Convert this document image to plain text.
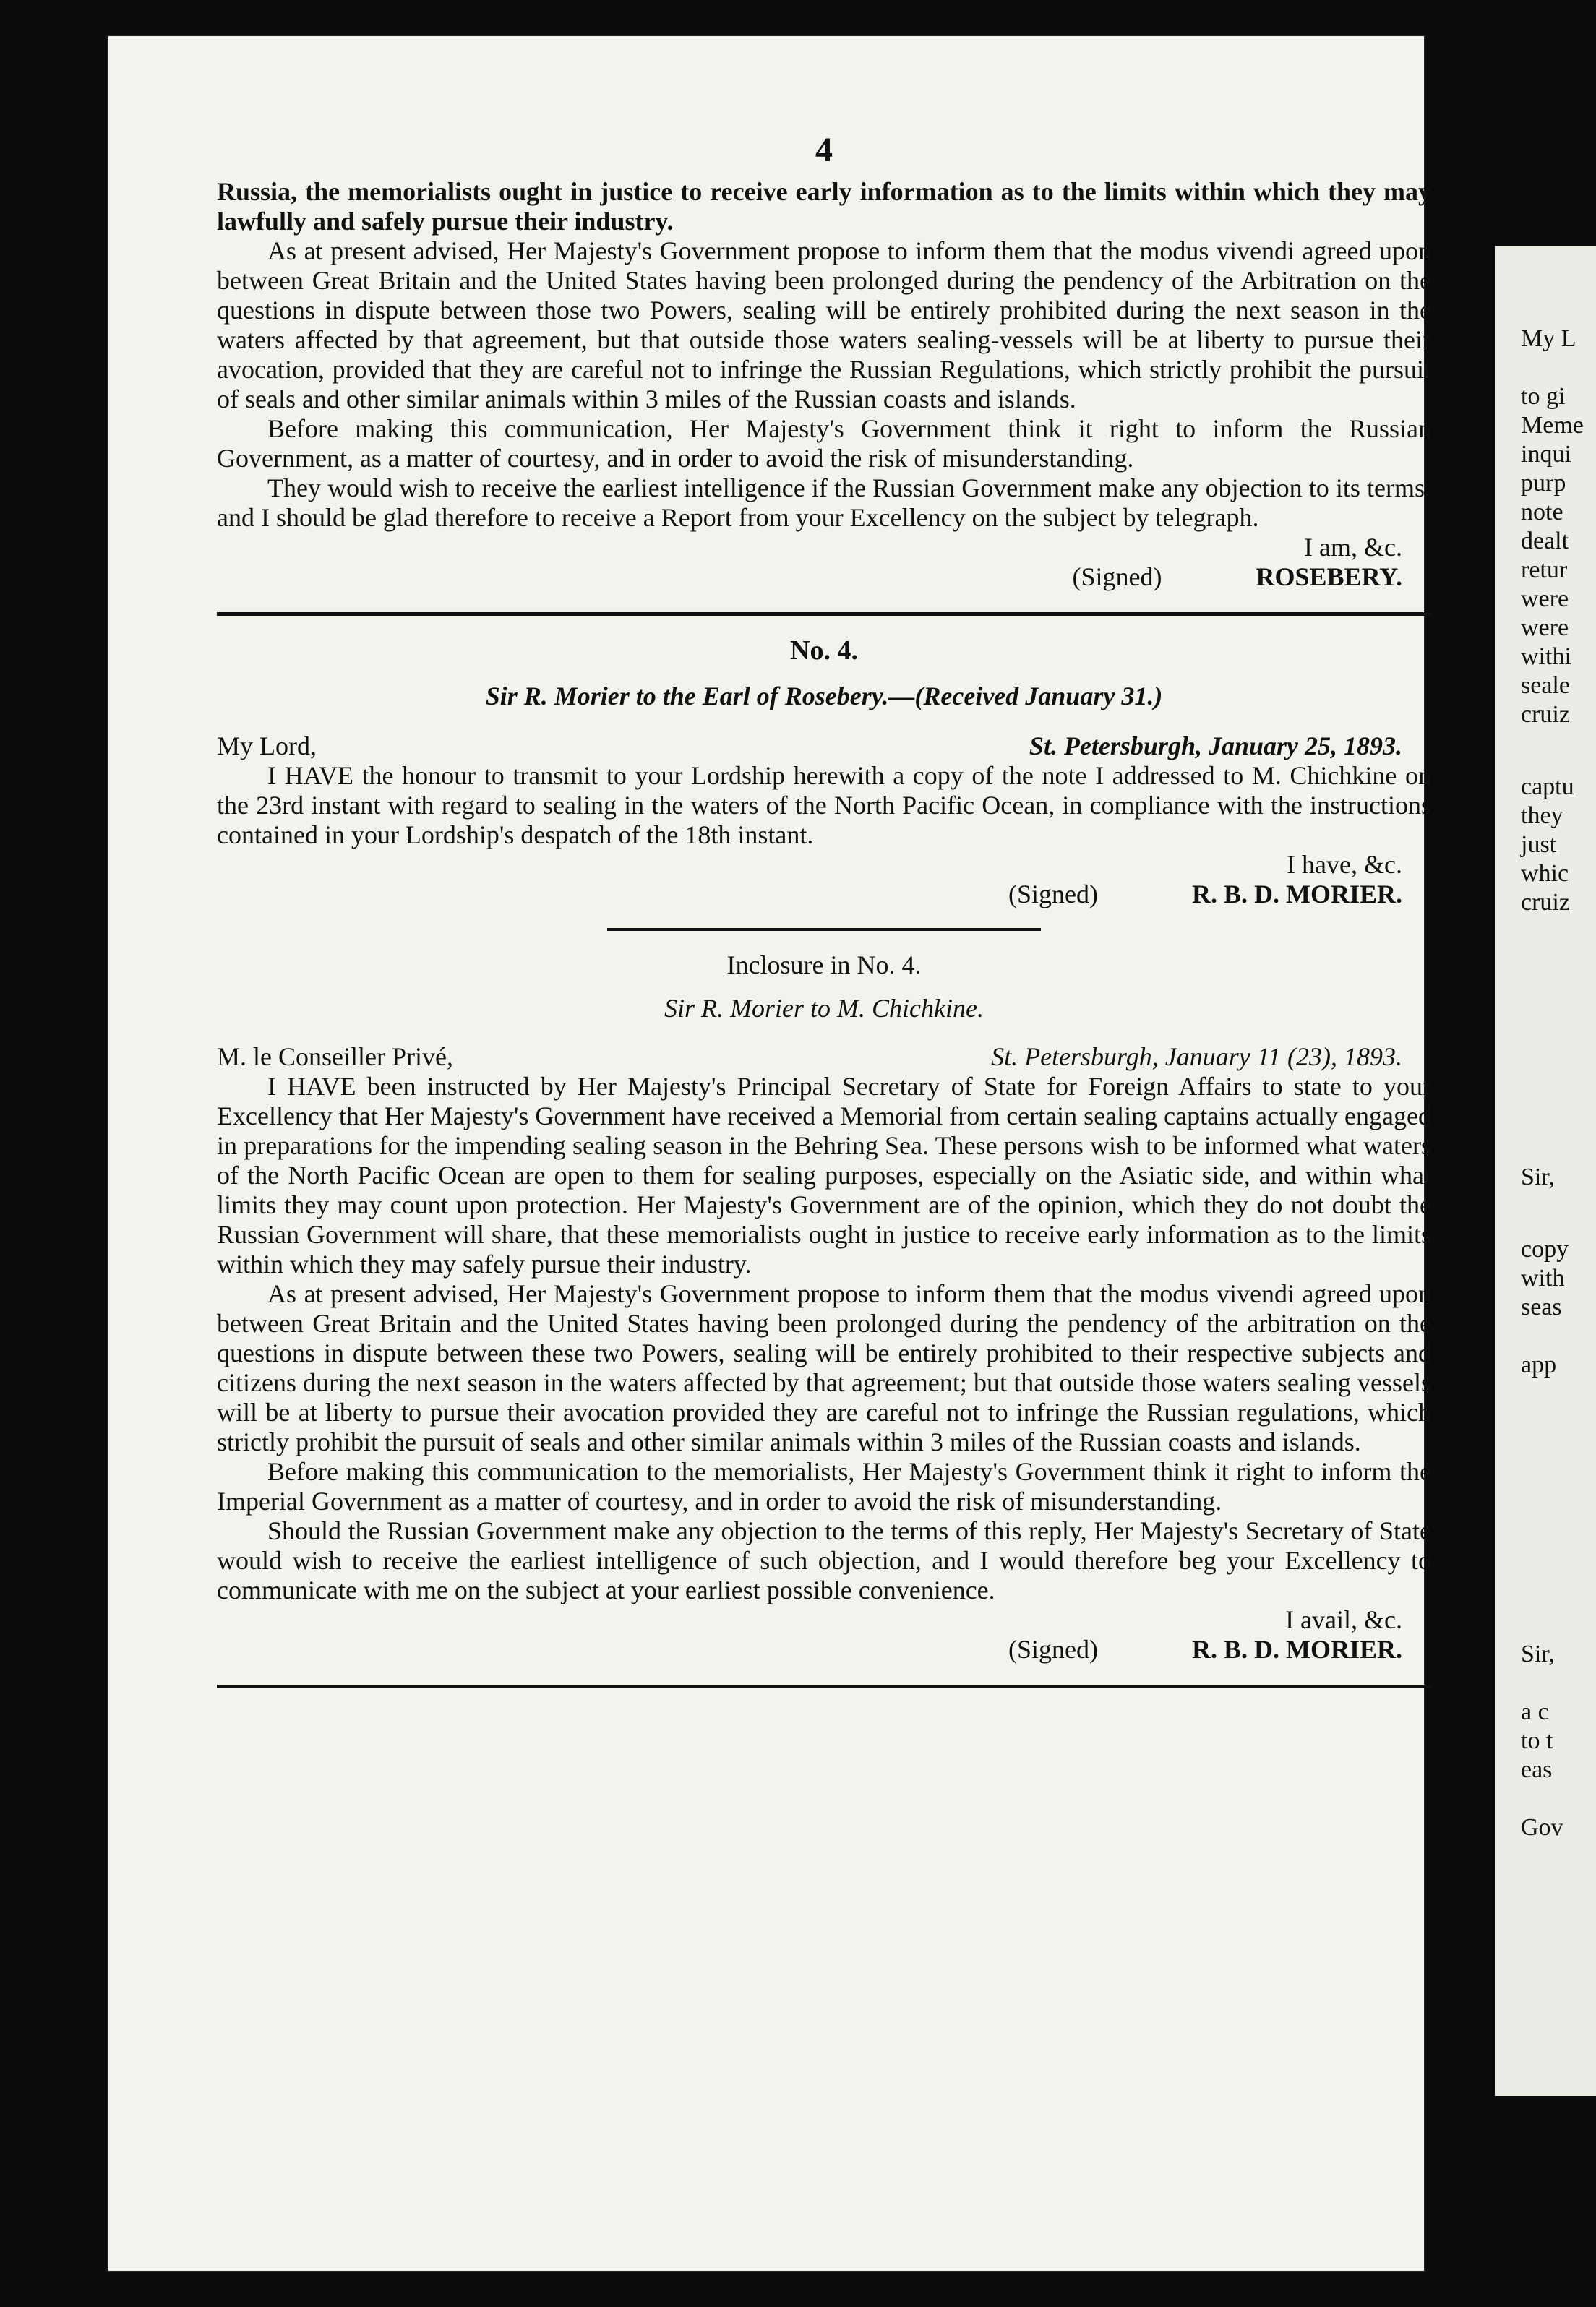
4

Russia, the memorialists ought in justice to receive early information as to the limits within which they may lawfully and safely pursue their industry.

As at present advised, Her Majesty's Government propose to inform them that the modus vivendi agreed upon between Great Britain and the United States having been prolonged during the pendency of the Arbitration on the questions in dispute between those two Powers, sealing will be entirely prohibited during the next season in the waters affected by that agreement, but that outside those waters sealing-vessels will be at liberty to pursue their avocation, provided that they are careful not to infringe the Russian Regulations, which strictly prohibit the pursuit of seals and other similar animals within 3 miles of the Russian coasts and islands.

Before making this communication, Her Majesty's Government think it right to inform the Russian Government, as a matter of courtesy, and in order to avoid the risk of misunderstanding.

They would wish to receive the earliest intelligence if the Russian Government make any objection to its terms, and I should be glad therefore to receive a Report from your Excellency on the subject by telegraph.

I am, &c.
(Signed)	ROSEBERY.
No. 4.
Sir R. Morier to the Earl of Rosebery.—(Received January 31.)
My Lord,	St. Petersburgh, January 25, 1893.

I HAVE the honour to transmit to your Lordship herewith a copy of the note I addressed to M. Chichkine on the 23rd instant with regard to sealing in the waters of the North Pacific Ocean, in compliance with the instructions contained in your Lordship's despatch of the 18th instant.

I have, &c.
(Signed)	R. B. D. MORIER.
Inclosure in No. 4.
Sir R. Morier to M. Chichkine.
M. le Conseiller Privé,	St. Petersburgh, January 11 (23), 1893.

I HAVE been instructed by Her Majesty's Principal Secretary of State for Foreign Affairs to state to your Excellency that Her Majesty's Government have received a Memorial from certain sealing captains actually engaged in preparations for the impending sealing season in the Behring Sea. These persons wish to be informed what waters of the North Pacific Ocean are open to them for sealing purposes, especially on the Asiatic side, and within what limits they may count upon protection. Her Majesty's Government are of the opinion, which they do not doubt the Russian Government will share, that these memorialists ought in justice to receive early information as to the limits within which they may safely pursue their industry.

As at present advised, Her Majesty's Government propose to inform them that the modus vivendi agreed upon between Great Britain and the United States having been prolonged during the pendency of the arbitration on the questions in dispute between these two Powers, sealing will be entirely prohibited to their respective subjects and citizens during the next season in the waters affected by that agreement; but that outside those waters sealing vessels will be at liberty to pursue their avocation provided they are careful not to infringe the Russian regulations, which strictly prohibit the pursuit of seals and other similar animals within 3 miles of the Russian coasts and islands.

Before making this communication to the memorialists, Her Majesty's Government think it right to inform the Imperial Government as a matter of courtesy, and in order to avoid the risk of misunderstanding.

Should the Russian Government make any objection to the terms of this reply, Her Majesty's Secretary of State would wish to receive the earliest intelligence of such objection, and I would therefore beg your Excellency to communicate with me on the subject at your earliest possible convenience.

I avail, &c.
(Signed)	R. B. D. MORIER.
My L
to gi
Meme
inqui
purp
note
dealt
retur
were
were
withi
seale
cruiz
captu
they
just
whic
cruiz
Sir,
copy
with
seas
app
Sir,
a c
to t
eas
Gov
